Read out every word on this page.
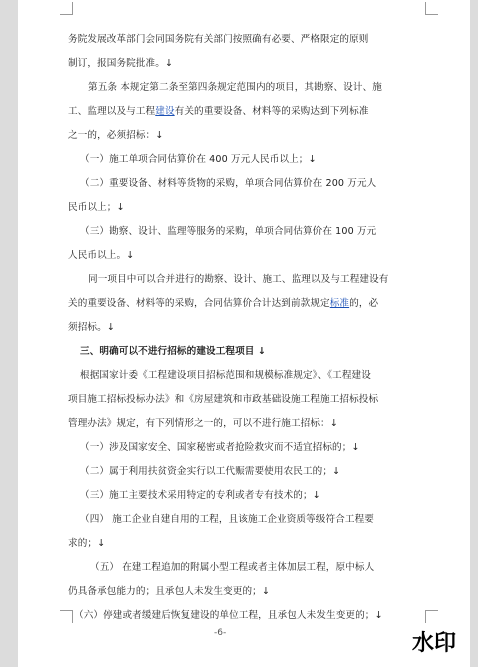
务院发展改革部门会同国务院有关部门按照确有必要、严格限定的原则
制订，报国务院批准。↓
第五条 本规定第二条至第四条规定范围内的项目，其勘察、设计、施
工、监理以及与工程建设有关的重要设备、材料等的采购达到下列标准
之一的，必须招标：↓
（一）施工单项合同估算价在 400 万元人民币以上；↓
（二）重要设备、材料等货物的采购，单项合同估算价在 200 万元人
民币以上；↓
（三）勘察、设计、监理等服务的采购，单项合同估算价在 100 万元
人民币以上。↓
同一项目中可以合并进行的勘察、设计、施工、监理以及与工程建设有
关的重要设备、材料等的采购，合同估算价合计达到前款规定标准的，必
须招标。↓
三、明确可以不进行招标的建设工程项目 ↓
根据国家计委《工程建设项目招标范围和规模标准规定》、《工程建设
项目施工招标投标办法》和《房屋建筑和市政基础设施工程施工招标投标
管理办法》规定，有下列情形之一的，可以不进行施工招标：↓
（一）涉及国家安全、国家秘密或者抢险救灾而不适宜招标的；↓
（二）属于利用扶贫资金实行以工代赈需要使用农民工的；↓
（三）施工主要技术采用特定的专利或者专有技术的；↓
（四） 施工企业自建自用的工程，且该施工企业资质等级符合工程要
求的；↓
（五） 在建工程追加的附属小型工程或者主体加层工程，原中标人
仍具备承包能力的；且承包人未发生变更的；↓
（六）停建或者缓建后恢复建设的单位工程，且承包人未发生变更的；↓
-6-	水印
